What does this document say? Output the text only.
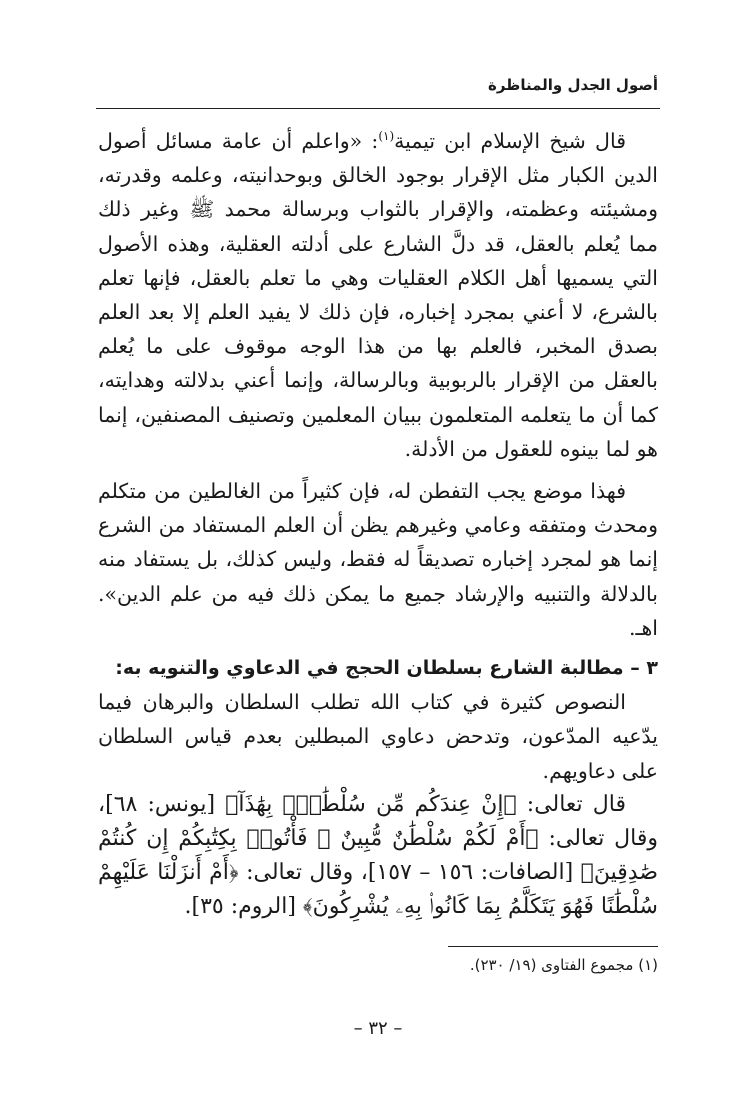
أصول الجدل والمناظرة

قال شيخ الإسلام ابن تيمية$^{(١)}$: «واعلم أن عامة مسائل أصول الدين الكبار مثل الإقرار بوجود الخالق وبوحدانيته، وعلمه وقدرته، ومشيئته وعظمته، والإقرار بالثواب وبرسالة محمد ﷺ وغير ذلك مما يُعلم بالعقل، قد دلَّ الشارع على أدلته العقلية، وهذه الأصول التي يسميها أهل الكلام العقليات وهي ما تعلم بالعقل، فإنها تعلم بالشرع، لا أعني بمجرد إخباره، فإن ذلك لا يفيد العلم إلا بعد العلم بصدق المخبر، فالعلم بها من هذا الوجه موقوف على ما يُعلم بالعقل من الإقرار بالربوبية وبالرسالة، وإنما أعني بدلالته وهدايته، كما أن ما يتعلمه المتعلمون ببيان المعلمين وتصنيف المصنفين، إنما هو لما بينوه للعقول من الأدلة.

فهذا موضع يجب التفطن له، فإن كثيراً من الغالطين من متكلم ومحدث ومتفقه وعامي وغيرهم يظن أن العلم المستفاد من الشرع إنما هو لمجرد إخباره تصديقاً له فقط، وليس كذلك، بل يستفاد منه بالدلالة والتنبيه والإرشاد جميع ما يمكن ذلك فيه من علم الدين». اهـ.

٣ – مطالبة الشارع بسلطان الحجج في الدعاوي والتنويه به:

النصوص كثيرة في كتاب الله تطلب السلطان والبرهان فيما يدّعيه المدّعون، وتدحض دعاوي المبطلين بعدم قياس السلطان على دعاويهم.

قال تعالى: ﴿إِنْ عِندَكُم مِّن سُلْطَٰنٍۭ بِهَٰذَآ﴾ [يونس: ٦٨]، وقال تعالى: ﴿أَمْ لَكُمْ سُلْطَٰنٌ مُّبِينٌ ۞ فَأْتُوا۟ بِكِتَٰبِكُمْ إِن كُنتُمْ صَٰدِقِينَ﴾ [الصافات: ١٥٦ – ١٥٧]، وقال تعالى: ﴿أَمْ أَنزَلْنَا عَلَيْهِمْ سُلْطَٰنًا فَهُوَ يَتَكَلَّمُ بِمَا كَانُوا۟ بِهِۦ يُشْرِكُونَ﴾ [الروم: ٣٥].

(١) مجموع الفتاوى (١٩/ ٢٣٠).
– ٣٢ –
